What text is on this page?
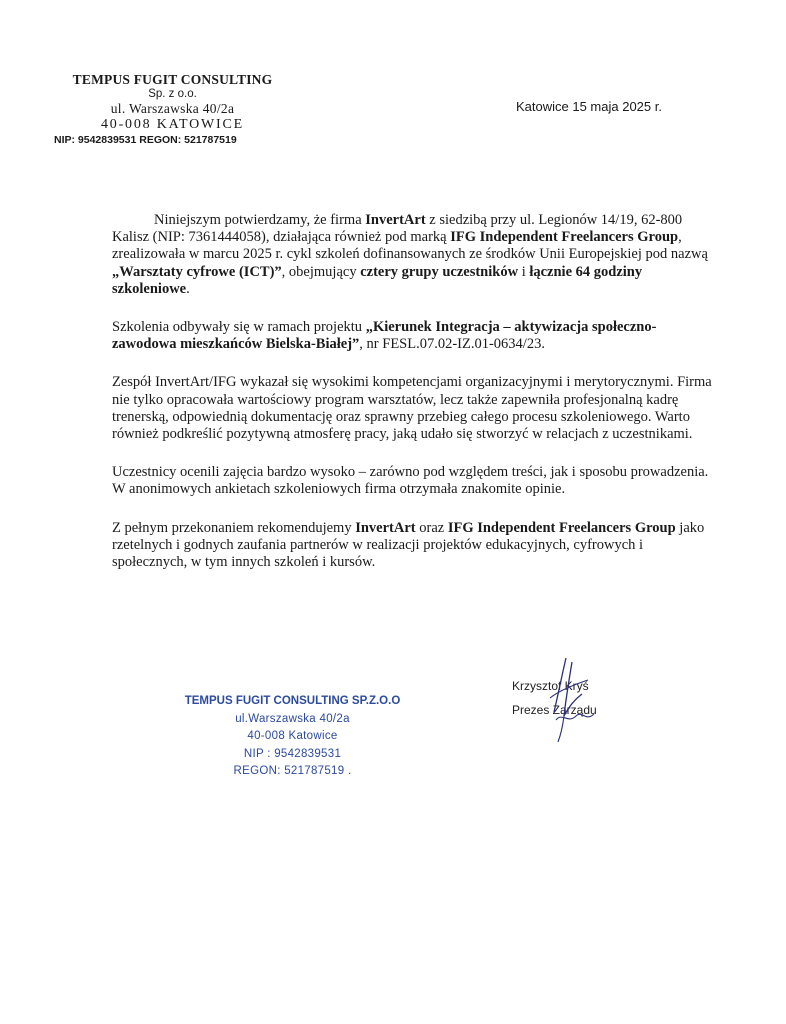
TEMPUS FUGIT CONSULTING
Sp. z o.o.
ul. Warszawska 40/2a
40-008 KATOWICE
NIP: 9542839531 REGON: 521787519
Katowice 15 maja 2025 r.

Niniejszym potwierdzamy, że firma InvertArt z siedzibą przy ul. Legionów 14/19, 62-800 Kalisz (NIP: 7361444058), działająca również pod marką IFG Independent Freelancers Group, zrealizowała w marcu 2025 r. cykl szkoleń dofinansowanych ze środków Unii Europejskiej pod nazwą „Warsztaty cyfrowe (ICT)”, obejmujący cztery grupy uczestników i łącznie 64 godziny szkoleniowe.

Szkolenia odbywały się w ramach projektu „Kierunek Integracja – aktywizacja społeczno-zawodowa mieszkańców Bielska-Białej”, nr FESL.07.02-IZ.01-0634/23.

Zespół InvertArt/IFG wykazał się wysokimi kompetencjami organizacyjnymi i merytorycznymi. Firma nie tylko opracowała wartościowy program warsztatów, lecz także zapewniła profesjonalną kadrę trenerską, odpowiednią dokumentację oraz sprawny przebieg całego procesu szkoleniowego. Warto również podkreślić pozytywną atmosferę pracy, jaką udało się stworzyć w relacjach z uczestnikami.

Uczestnicy ocenili zajęcia bardzo wysoko – zarówno pod względem treści, jak i sposobu prowadzenia. W anonimowych ankietach szkoleniowych firma otrzymała znakomite opinie.

Z pełnym przekonaniem rekomendujemy InvertArt oraz IFG Independent Freelancers Group jako rzetelnych i godnych zaufania partnerów w realizacji projektów edukacyjnych, cyfrowych i społecznych, w tym innych szkoleń i kursów.

TEMPUS FUGIT CONSULTING SP.Z.O.O
ul.Warszawska 40/2a
40-008 Katowice
NIP : 9542839531
REGON: 521787519 .
Krzysztof Kryś
Prezes Zarządu
